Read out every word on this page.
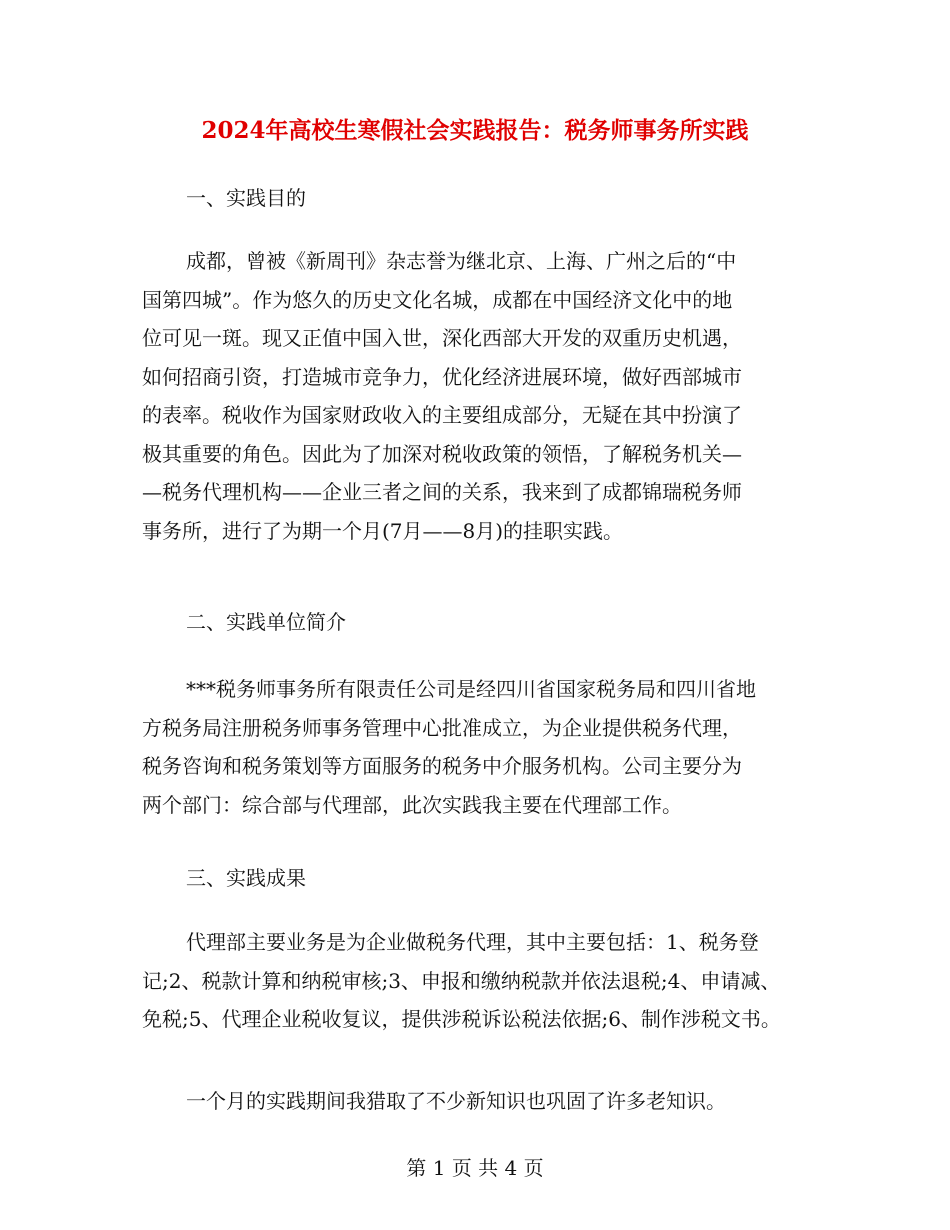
2024年高校生寒假社会实践报告：税务师事务所实践
一、实践目的

成都，曾被《新周刊》杂志誉为继北京、上海、广州之后的“中
国第四城”。作为悠久的历史文化名城，成都在中国经济文化中的地
位可见一斑。现又正值中国入世，深化西部大开发的双重历史机遇，
如何招商引资，打造城市竞争力，优化经济进展环境，做好西部城市
的表率。税收作为国家财政收入的主要组成部分，无疑在其中扮演了
极其重要的角色。因此为了加深对税收政策的领悟，了解税务机关—
—税务代理机构——企业三者之间的关系，我来到了成都锦瑞税务师
事务所，进行了为期一个月(7月——8月)的挂职实践。

二、实践单位简介

***税务师事务所有限责任公司是经四川省国家税务局和四川省地
方税务局注册税务师事务管理中心批准成立，为企业提供税务代理，
税务咨询和税务策划等方面服务的税务中介服务机构。公司主要分为
两个部门：综合部与代理部，此次实践我主要在代理部工作。

三、实践成果

代理部主要业务是为企业做税务代理，其中主要包括：1、税务登
记;2、税款计算和纳税审核;3、申报和缴纳税款并依法退税;4、申请减、
免税;5、代理企业税收复议，提供涉税诉讼税法依据;6、制作涉税文书。

一个月的实践期间我猎取了不少新知识也巩固了许多老知识。

第 1 页 共 4 页
